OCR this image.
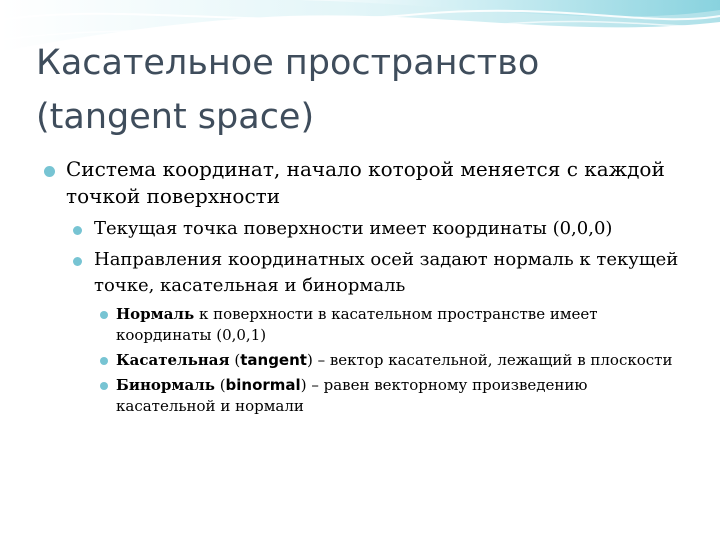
Касательное пространство
(tangent space)
Система координат, начало которой меняется с каждой точкой поверхности
Текущая точка поверхности имеет координаты (0,0,0)
Направления координатных осей задают нормаль к текущей точке, касательная и бинормаль
Нормаль к поверхности в касательном пространстве имеет координаты (0,0,1)
Касательная (tangent) – вектор касательной, лежащий в плоскости
Бинормаль (binormal) – равен векторному произведению касательной и нормали
